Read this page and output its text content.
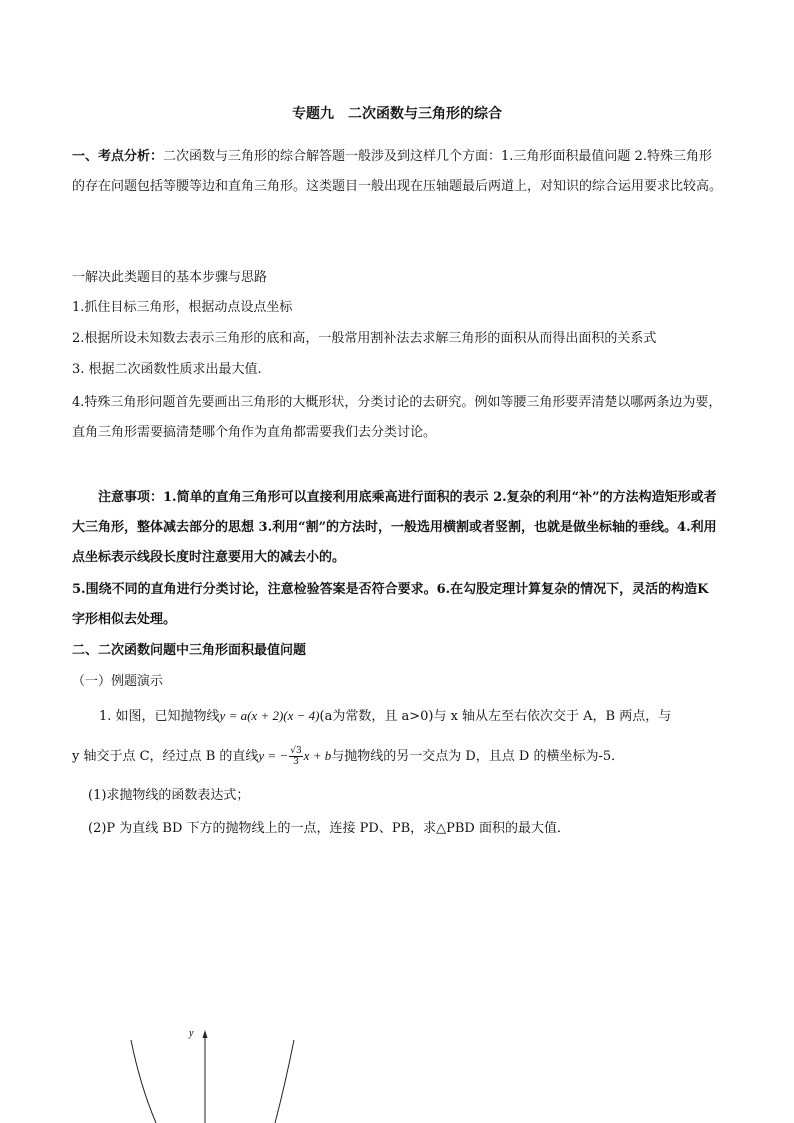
专题九　二次函数与三角形的综合

一、考点分析：二次函数与三角形的综合解答题一般涉及到这样几个方面：1.三角形面积最值问题 2.特殊三角形的存在问题包括等腰等边和直角三角形。这类题目一般出现在压轴题最后两道上，对知识的综合运用要求比较高。

一解决此类题目的基本步骤与思路
1.抓住目标三角形，根据动点设点坐标
2.根据所设未知数去表示三角形的底和高，一般常用割补法去求解三角形的面积从而得出面积的关系式
3. 根据二次函数性质求出最大值.

4.特殊三角形问题首先要画出三角形的大概形状，分类讨论的去研究。例如等腰三角形要弄清楚以哪两条边为要，直角三角形需要搞清楚哪个角作为直角都需要我们去分类讨论。

注意事项：1.简单的直角三角形可以直接利用底乘高进行面积的表示 2.复杂的利用“补”的方法构造矩形或者大三角形，整体减去部分的思想 3.利用“割”的方法时，一般选用横割或者竖割，也就是做坐标轴的垂线。4.利用点坐标表示线段长度时注意要用大的减去小的。

5.围绕不同的直角进行分类讨论，注意检验答案是否符合要求。6.在勾股定理计算复杂的情况下，灵活的构造K 字形相似去处理。

二、二次函数问题中三角形面积最值问题
（一）例题演示
1. 如图，已知抛物线y = a(x + 2)(x − 4)(a为常数，且 a>0)与 x 轴从左至右依次交于 A，B 两点，与
y 轴交于点 C，经过点 B 的直线y = − $\frac{√3}{3}$ x + b与抛物线的另一交点为 D，且点 D 的横坐标为-5．
(1)求抛物线的函数表达式；
(2)P 为直线 BD 下方的抛物线上的一点，连接 PD、PB，求△PBD 面积的最大值．
y
